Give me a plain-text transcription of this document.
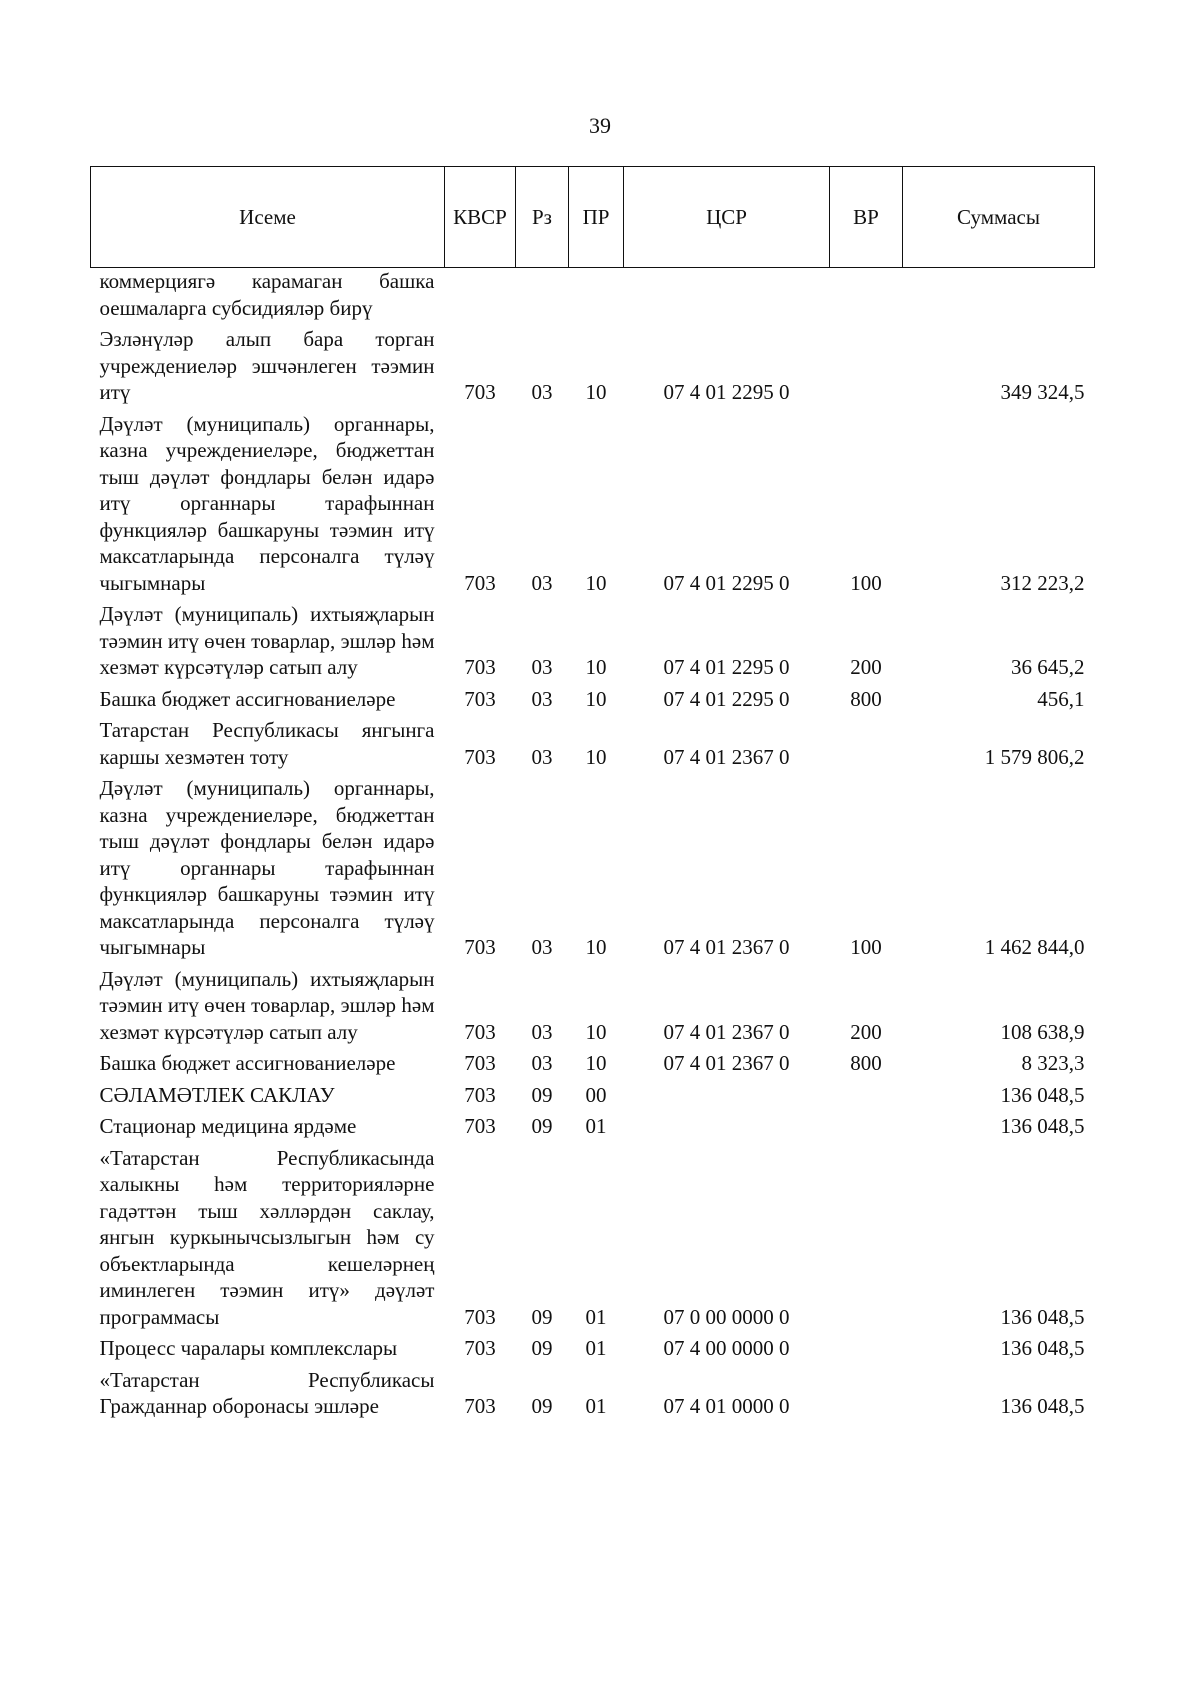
39
Исеме	КВСР	Рз	ПР	ЦСР	ВР	Суммасы
коммерциягә карамаган башка оешмаларга субсидияләр бирү						
Эзләнүләр алып бара торган учреждениеләр эшчәнлеген тәэмин итү	703	03	10	07 4 01 2295 0		349 324,5
Дәүләт (муниципаль) органнары, казна учреждениеләре, бюджеттан тыш дәүләт фондлары белән идарә итү органнары тарафыннан функцияләр башкаруны тәэмин итү максатларында персоналга түләү чыгымнары	703	03	10	07 4 01 2295 0	100	312 223,2
Дәүләт (муниципаль) ихтыяҗларын тәэмин итү өчен товарлар, эшләр һәм хезмәт күрсәтүләр сатып алу	703	03	10	07 4 01 2295 0	200	36 645,2
Башка бюджет ассигнованиеләре	703	03	10	07 4 01 2295 0	800	456,1
Татарстан Республикасы янгынга каршы хезмәтен тоту	703	03	10	07 4 01 2367 0		1 579 806,2
Дәүләт (муниципаль) органнары, казна учреждениеләре, бюджеттан тыш дәүләт фондлары белән идарә итү органнары тарафыннан функцияләр башкаруны тәэмин итү максатларында персоналга түләү чыгымнары	703	03	10	07 4 01 2367 0	100	1 462 844,0
Дәүләт (муниципаль) ихтыяҗларын тәэмин итү өчен товарлар, эшләр һәм хезмәт күрсәтүләр сатып алу	703	03	10	07 4 01 2367 0	200	108 638,9
Башка бюджет ассигнованиеләре	703	03	10	07 4 01 2367 0	800	8 323,3
СӘЛАМӘТЛЕК САКЛАУ	703	09	00			136 048,5
Стационар медицина ярдәме	703	09	01			136 048,5
«Татарстан Республикасында халыкны һәм территорияләрне гадәттән тыш хәлләрдән саклау, янгын куркынычсызлыгын һәм су объектларында кешеләрнең иминлеген тәэмин итү» дәүләт программасы	703	09	01	07 0 00 0000 0		136 048,5
Процесс чаралары комплекслары	703	09	01	07 4 00 0000 0		136 048,5
«Татарстан Республикасы Гражданнар оборонасы эшләре	703	09	01	07 4 01 0000 0		136 048,5
